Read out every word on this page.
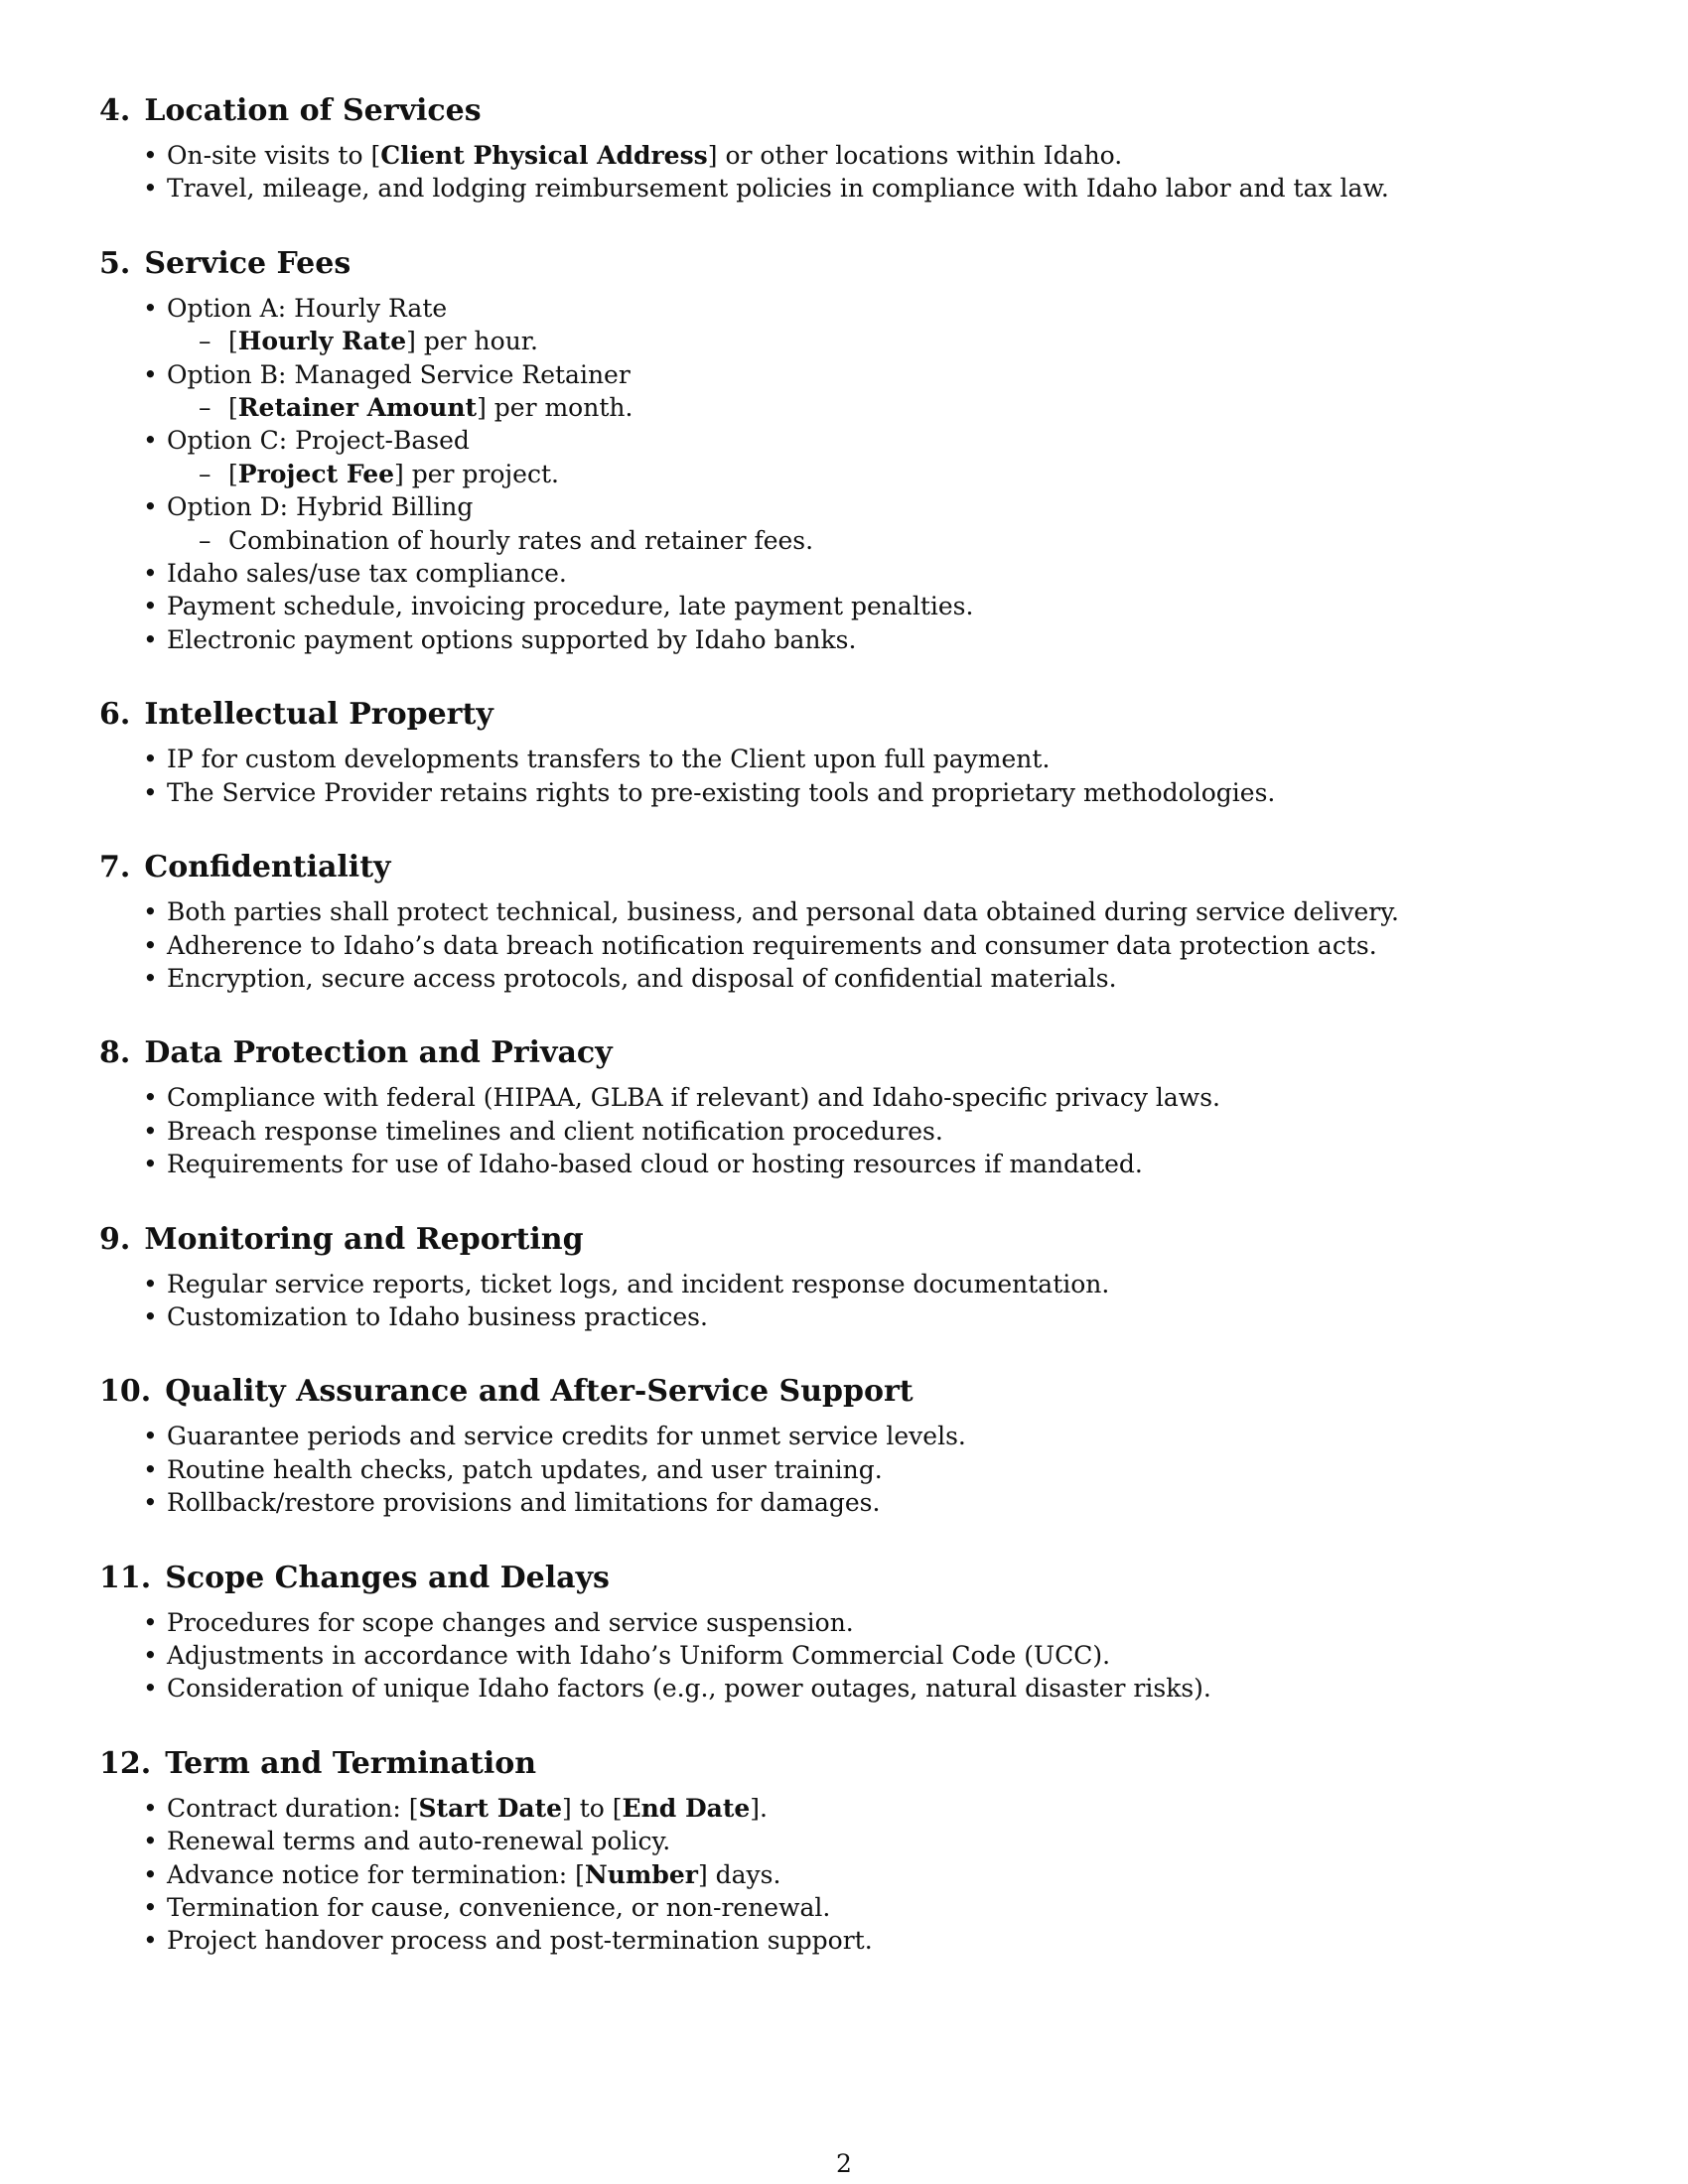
4. Location of Services
• On-site visits to [Client Physical Address] or other locations within Idaho.
• Travel, mileage, and lodging reimbursement policies in compliance with Idaho labor and tax law.
5. Service Fees
• Option A: Hourly Rate
– [Hourly Rate] per hour.
• Option B: Managed Service Retainer
– [Retainer Amount] per month.
• Option C: Project-Based
– [Project Fee] per project.
• Option D: Hybrid Billing
– Combination of hourly rates and retainer fees.
• Idaho sales/use tax compliance.
• Payment schedule, invoicing procedure, late payment penalties.
• Electronic payment options supported by Idaho banks.
6. Intellectual Property
• IP for custom developments transfers to the Client upon full payment.
• The Service Provider retains rights to pre-existing tools and proprietary methodologies.
7. Confidentiality
• Both parties shall protect technical, business, and personal data obtained during service delivery.
• Adherence to Idaho’s data breach notification requirements and consumer data protection acts.
• Encryption, secure access protocols, and disposal of confidential materials.
8. Data Protection and Privacy
• Compliance with federal (HIPAA, GLBA if relevant) and Idaho-specific privacy laws.
• Breach response timelines and client notification procedures.
• Requirements for use of Idaho-based cloud or hosting resources if mandated.
9. Monitoring and Reporting
• Regular service reports, ticket logs, and incident response documentation.
• Customization to Idaho business practices.
10. Quality Assurance and After-Service Support
• Guarantee periods and service credits for unmet service levels.
• Routine health checks, patch updates, and user training.
• Rollback/restore provisions and limitations for damages.
11. Scope Changes and Delays
• Procedures for scope changes and service suspension.
• Adjustments in accordance with Idaho’s Uniform Commercial Code (UCC).
• Consideration of unique Idaho factors (e.g., power outages, natural disaster risks).
12. Term and Termination
• Contract duration: [Start Date] to [End Date].
• Renewal terms and auto-renewal policy.
• Advance notice for termination: [Number] days.
• Termination for cause, convenience, or non-renewal.
• Project handover process and post-termination support.
2
